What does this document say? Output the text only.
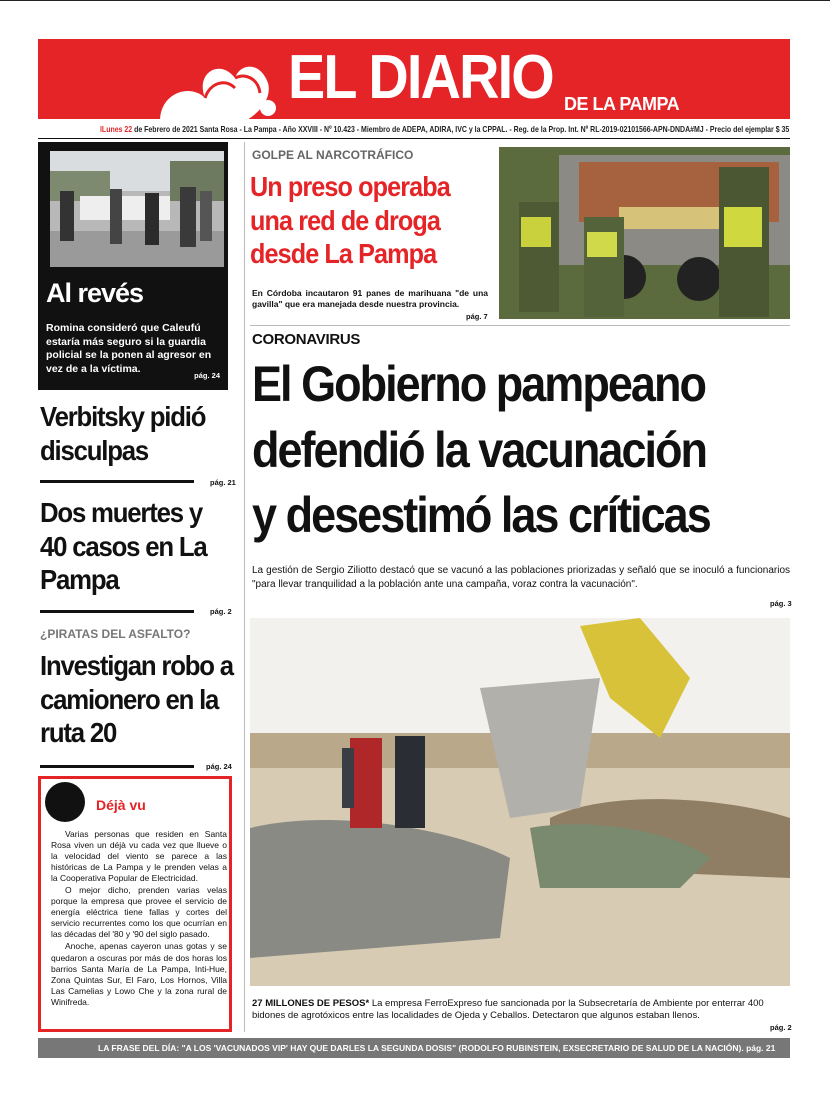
EL DIARIO DE LA PAMPA
lLunes 22 de Febrero de 2021 Santa Rosa - La Pampa - Año XXVIII - Nº 10.423 - Miembro de ADEPA, ADIRA, IVC y la CPPAL. - Reg. de la Prop. Int. Nº RL-2019-02101566-APN-DNDA#MJ - Precio del ejemplar $ 35
Al revés
Romina consideró que Caleufú estaría más seguro si la guardia policial se la ponen al agresor en vez de a la víctima.
pág. 24
Verbitsky pidió disculpas
pág. 21
Dos muertes y 40 casos en La Pampa
pág. 2
¿PIRATAS DEL ASFALTO?
Investigan robo a camionero en la ruta 20
pág. 24
Déjà vu

Varias personas que residen en Santa Rosa viven un déjà vu cada vez que llueve o la velocidad del viento se parece a las históricas de La Pampa y le prenden velas a la Cooperativa Popular de Electricidad.

O mejor dicho, prenden varias velas porque la empresa que provee el servicio de energía eléctrica tiene fallas y cortes del servicio recurrentes como los que ocurrían en las décadas del '80 y '90 del siglo pasado.

Anoche, apenas cayeron unas gotas y se quedaron a oscuras por más de dos horas los barrios Santa María de La Pampa, Inti-Hue, Zona Quintas Sur, El Faro, Los Hornos, Villa Las Camelias y Lowo Che y la zona rural de Winifreda.

GOLPE AL NARCOTRÁFICO
Un preso operaba una red de droga desde La Pampa
En Córdoba incautaron 91 panes de marihuana "de una gavilla" que era manejada desde nuestra provincia.
pág. 7
CORONAVIRUS
El Gobierno pampeano
defendió la vacunación
y desestimó las críticas
La gestión de Sergio Ziliotto destacó que se vacunó a las poblaciones priorizadas y señaló que se inoculó a funcionarios "para llevar tranquilidad a la población ante una campaña, voraz contra la vacunación".
pág. 3
27 MILLONES DE PESOS* La empresa FerroExpreso fue sancionada por la Subsecretaría de Ambiente por enterrar 400 bidones de agrotóxicos entre las localidades de Ojeda y Ceballos. Detectaron que algunos estaban llenos.
pág. 2
LA FRASE DEL DÍA: "A LOS 'VACUNADOS VIP' HAY QUE DARLES LA SEGUNDA DOSIS" (RODOLFO RUBINSTEIN, EXSECRETARIO DE SALUD DE LA NACIÓN). pág. 21
